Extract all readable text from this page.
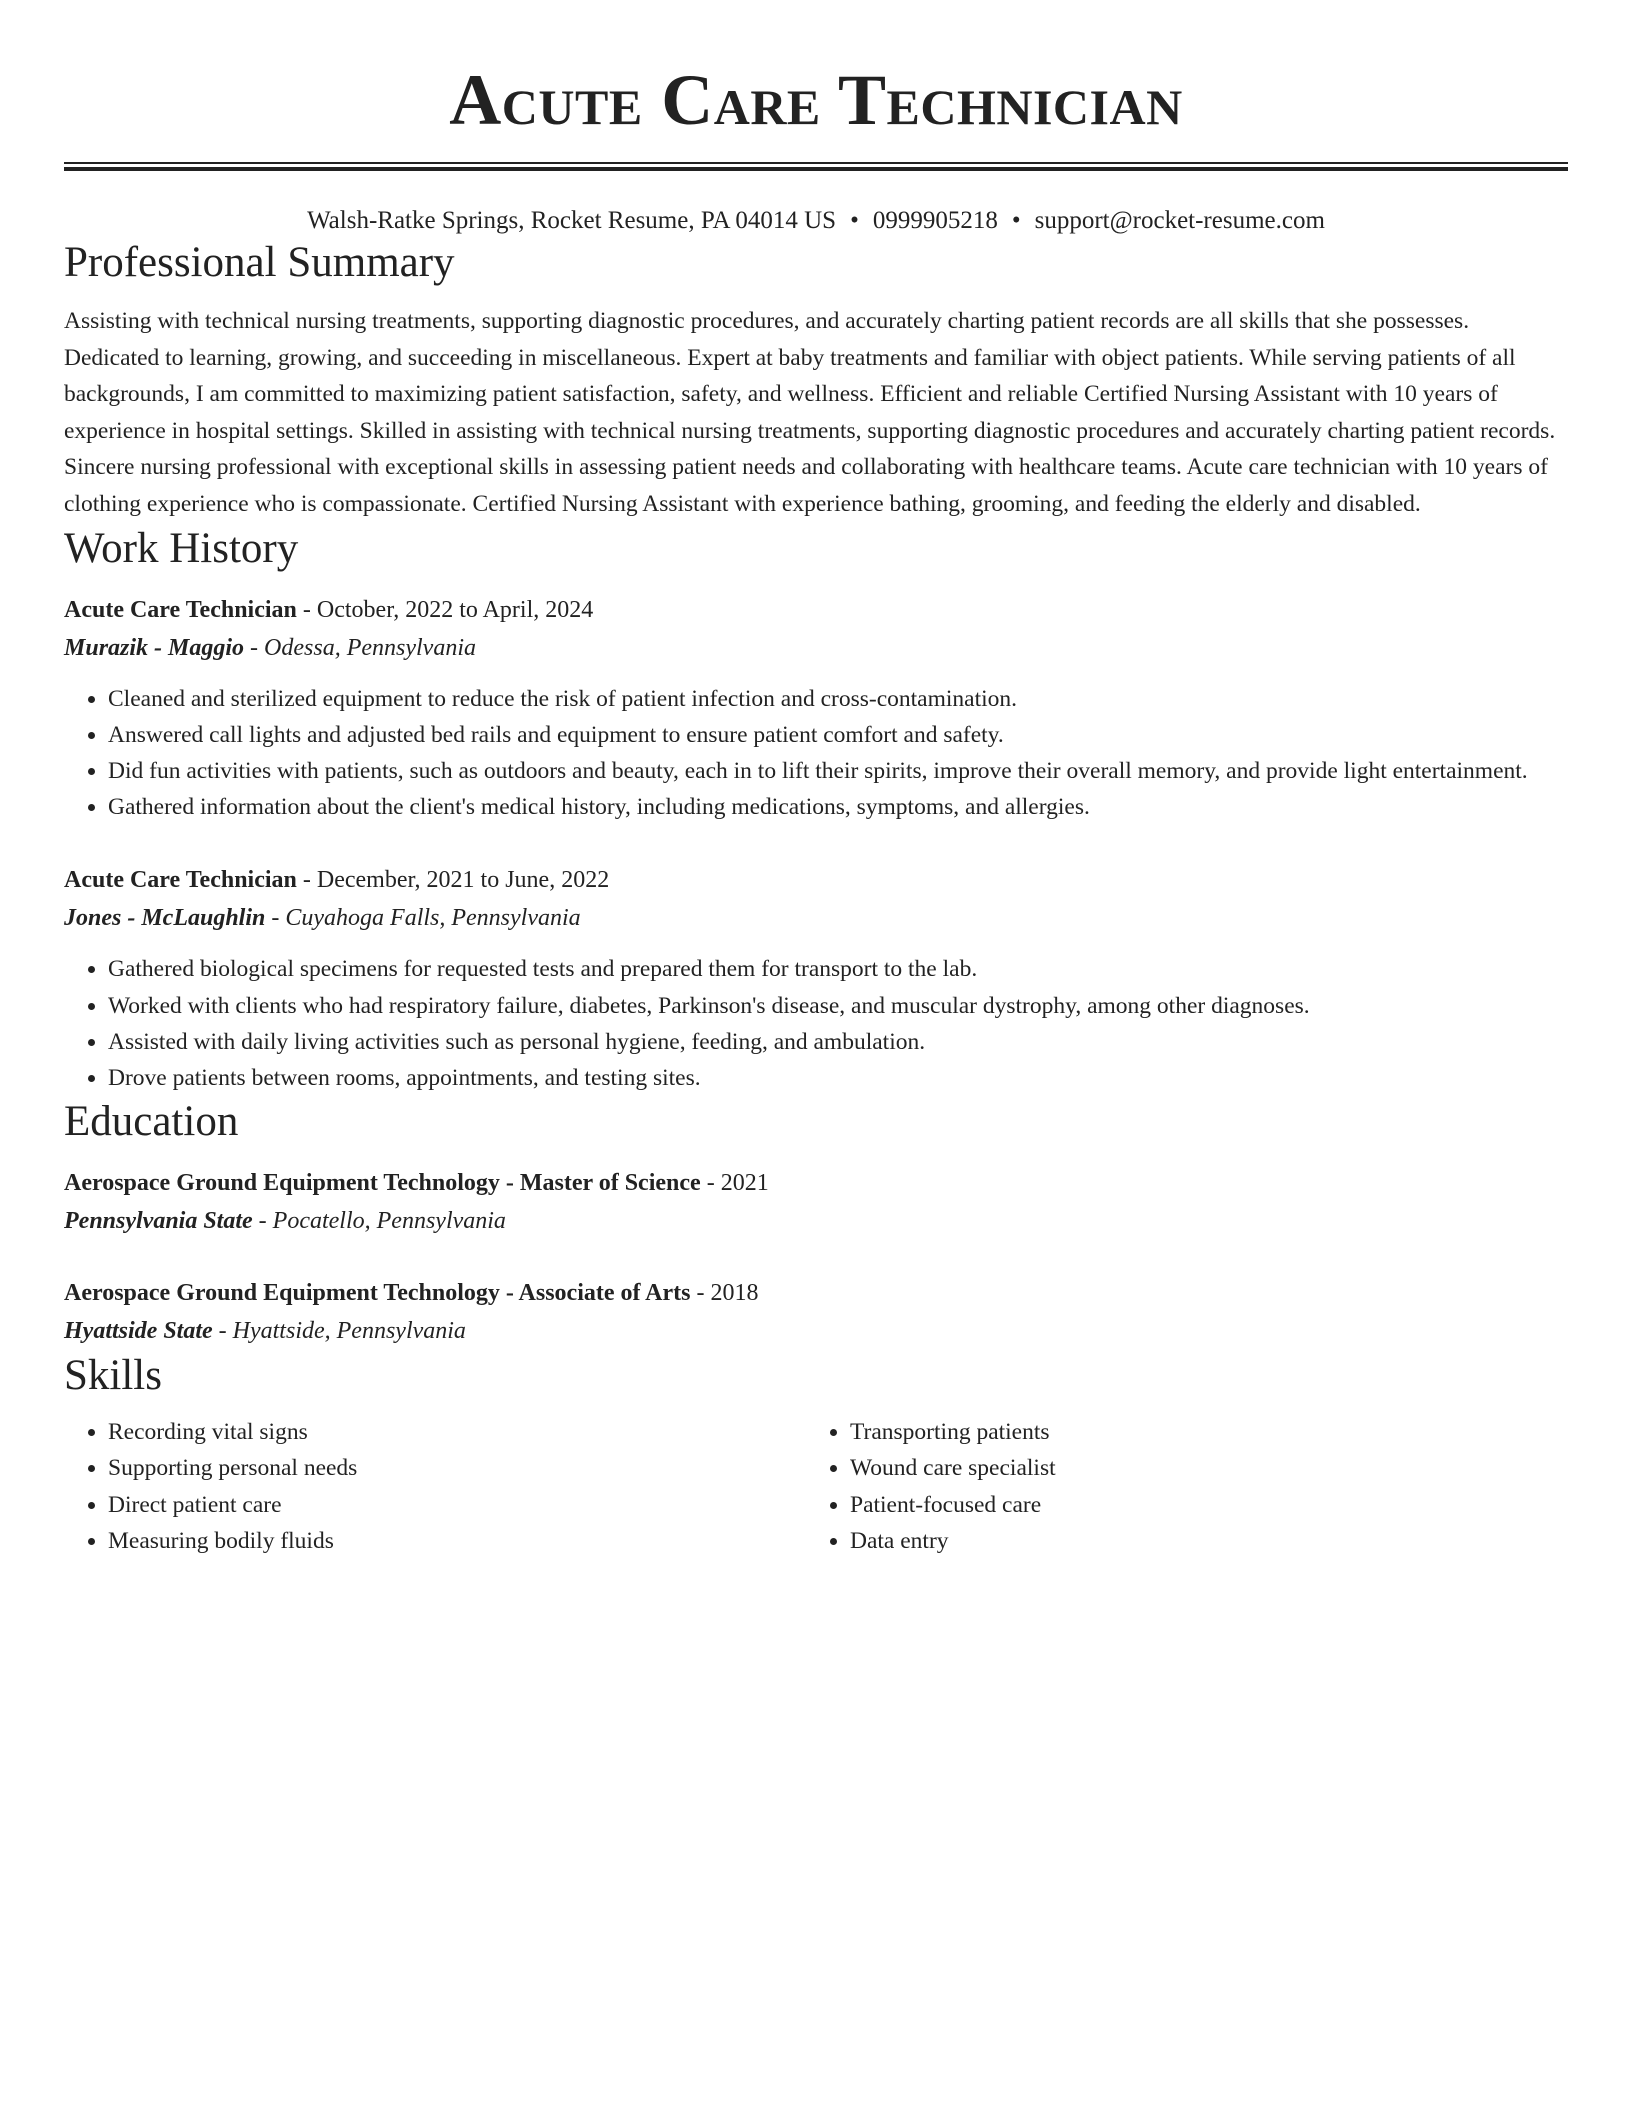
Acute Care Technician
Walsh-Ratke Springs, Rocket Resume, PA 04014 US • 0999905218 • support@rocket-resume.com
Professional Summary
Assisting with technical nursing treatments, supporting diagnostic procedures, and accurately charting patient records are all skills that she possesses. Dedicated to learning, growing, and succeeding in miscellaneous. Expert at baby treatments and familiar with object patients. While serving patients of all backgrounds, I am committed to maximizing patient satisfaction, safety, and wellness. Efficient and reliable Certified Nursing Assistant with 10 years of experience in hospital settings. Skilled in assisting with technical nursing treatments, supporting diagnostic procedures and accurately charting patient records. Sincere nursing professional with exceptional skills in assessing patient needs and collaborating with healthcare teams. Acute care technician with 10 years of clothing experience who is compassionate. Certified Nursing Assistant with experience bathing, grooming, and feeding the elderly and disabled.
Work History
Acute Care Technician - October, 2022 to April, 2024
Murazik - Maggio - Odessa, Pennsylvania
• Cleaned and sterilized equipment to reduce the risk of patient infection and cross-contamination.
• Answered call lights and adjusted bed rails and equipment to ensure patient comfort and safety.
• Did fun activities with patients, such as outdoors and beauty, each in to lift their spirits, improve their overall memory, and provide light entertainment.
• Gathered information about the client's medical history, including medications, symptoms, and allergies.
Acute Care Technician - December, 2021 to June, 2022
Jones - McLaughlin - Cuyahoga Falls, Pennsylvania
• Gathered biological specimens for requested tests and prepared them for transport to the lab.
• Worked with clients who had respiratory failure, diabetes, Parkinson's disease, and muscular dystrophy, among other diagnoses.
• Assisted with daily living activities such as personal hygiene, feeding, and ambulation.
• Drove patients between rooms, appointments, and testing sites.
Education
Aerospace Ground Equipment Technology - Master of Science - 2021
Pennsylvania State - Pocatello, Pennsylvania
Aerospace Ground Equipment Technology - Associate of Arts - 2018
Hyattside State - Hyattside, Pennsylvania
Skills
• Recording vital signs
• Supporting personal needs
• Direct patient care
• Measuring bodily fluids
• Transporting patients
• Wound care specialist
• Patient-focused care
• Data entry
